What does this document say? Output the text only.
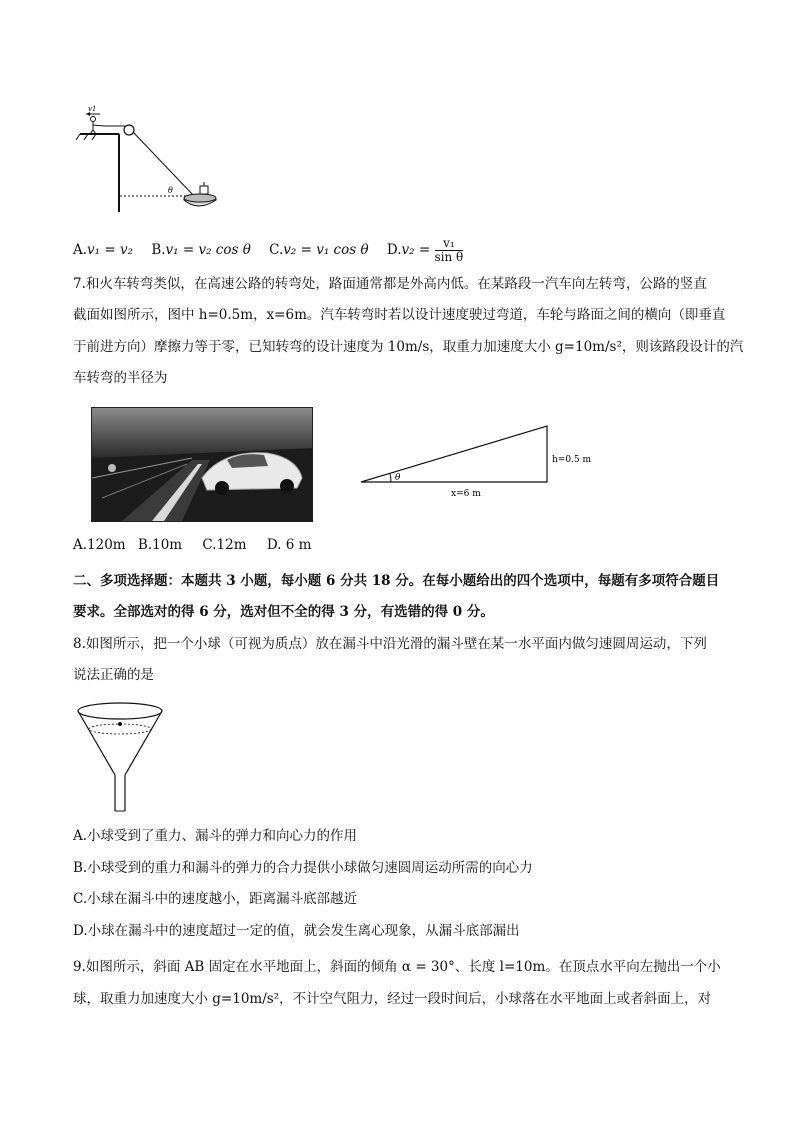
v1
θ
A.v₁ = v₂ B.v₁ = v₂ cos θ C.v₂ = v₁ cos θ $D.v_2 = \frac{\text{v₁}}{\text{sin θ}}$
7.和火车转弯类似，在高速公路的转弯处，路面通常都是外高内低。在某路段一汽车向左转弯，公路的竖直
截面如图所示，图中 h=0.5m，x=6m。汽车转弯时若以设计速度驶过弯道，车轮与路面之间的横向（即垂直
于前进方向）摩擦力等于零，已知转弯的设计速度为 10m/s，取重力加速度大小 g=10m/s²，则该路段设计的汽
车转弯的半径为
θ
h=0.5 m
x=6 m
A.120m B.10m C.12m D. 6 m
二、多项选择题：本题共 3 小题，每小题 6 分共 18 分。在每小题给出的四个选项中，每题有多项符合题目
要求。全部选对的得 6 分，选对但不全的得 3 分，有选错的得 0 分。
8.如图所示，把一个小球（可视为质点）放在漏斗中沿光滑的漏斗壁在某一水平面内做匀速圆周运动，下列
说法正确的是
A.小球受到了重力、漏斗的弹力和向心力的作用
B.小球受到的重力和漏斗的弹力的合力提供小球做匀速圆周运动所需的向心力
C.小球在漏斗中的速度越小，距离漏斗底部越近
D.小球在漏斗中的速度超过一定的值，就会发生离心现象，从漏斗底部漏出
9.如图所示，斜面 AB 固定在水平地面上，斜面的倾角 α = 30°、长度 l=10m。在顶点水平向左抛出一个小
球，取重力加速度大小 g=10m/s²，不计空气阻力，经过一段时间后，小球落在水平地面上或者斜面上，对
